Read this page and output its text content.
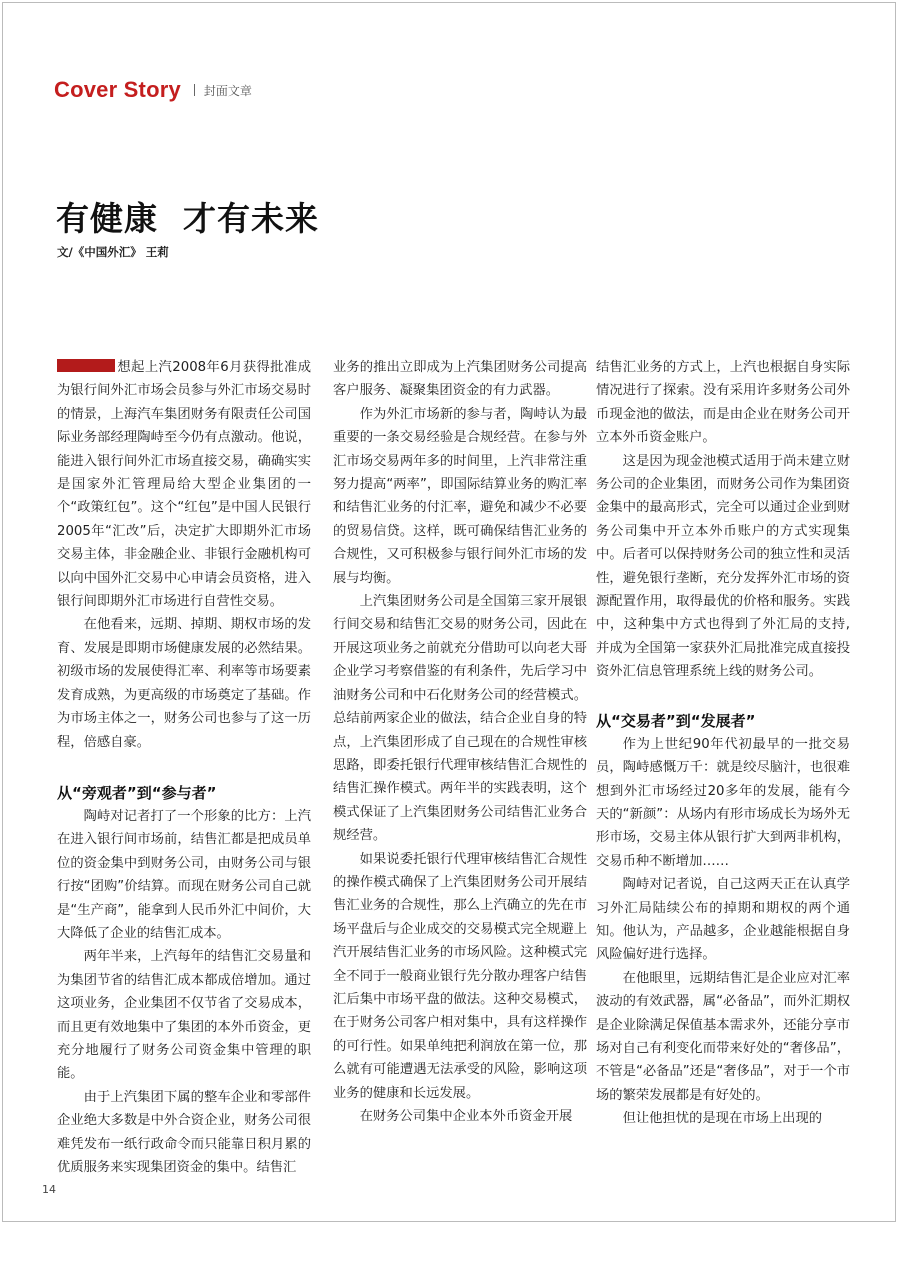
Cover Story 封面文章
有健康  才有未来
文/《中国外汇》 王莉

想起上汽2008年6月获得批准成为银行间外汇市场会员参与外汇市场交易时的情景，上海汽车集团财务有限责任公司国际业务部经理陶峙至今仍有点激动。他说，能进入银行间外汇市场直接交易，确确实实是国家外汇管理局给大型企业集团的一个“政策红包”。这个“红包”是中国人民银行2005年“汇改”后，决定扩大即期外汇市场交易主体，非金融企业、非银行金融机构可以向中国外汇交易中心申请会员资格，进入银行间即期外汇市场进行自营性交易。

在他看来，远期、掉期、期权市场的发育、发展是即期市场健康发展的必然结果。初级市场的发展使得汇率、利率等市场要素发育成熟，为更高级的市场奠定了基础。作为市场主体之一，财务公司也参与了这一历程，倍感自豪。

从“旁观者”到“参与者”

陶峙对记者打了一个形象的比方：上汽在进入银行间市场前，结售汇都是把成员单位的资金集中到财务公司，由财务公司与银行按“团购”价结算。而现在财务公司自己就是“生产商”，能拿到人民币外汇中间价，大大降低了企业的结售汇成本。

两年半来，上汽每年的结售汇交易量和为集团节省的结售汇成本都成倍增加。通过这项业务，企业集团不仅节省了交易成本，而且更有效地集中了集团的本外币资金，更充分地履行了财务公司资金集中管理的职能。

由于上汽集团下属的整车企业和零部件企业绝大多数是中外合资企业，财务公司很难凭发布一纸行政命令而只能靠日积月累的优质服务来实现集团资金的集中。结售汇

业务的推出立即成为上汽集团财务公司提高客户服务、凝聚集团资金的有力武器。

作为外汇市场新的参与者，陶峙认为最重要的一条交易经验是合规经营。在参与外汇市场交易两年多的时间里，上汽非常注重努力提高“两率”，即国际结算业务的购汇率和结售汇业务的付汇率，避免和减少不必要的贸易信贷。这样，既可确保结售汇业务的合规性，又可积极参与银行间外汇市场的发展与均衡。

上汽集团财务公司是全国第三家开展银行间交易和结售汇交易的财务公司，因此在开展这项业务之前就充分借助可以向老大哥企业学习考察借鉴的有利条件，先后学习中油财务公司和中石化财务公司的经营模式。总结前两家企业的做法，结合企业自身的特点，上汽集团形成了自己现在的合规性审核思路，即委托银行代理审核结售汇合规性的结售汇操作模式。两年半的实践表明，这个模式保证了上汽集团财务公司结售汇业务合规经营。

如果说委托银行代理审核结售汇合规性的操作模式确保了上汽集团财务公司开展结售汇业务的合规性，那么上汽确立的先在市场平盘后与企业成交的交易模式完全规避上汽开展结售汇业务的市场风险。这种模式完全不同于一般商业银行先分散办理客户结售汇后集中市场平盘的做法。这种交易模式，在于财务公司客户相对集中，具有这样操作的可行性。如果单纯把利润放在第一位，那么就有可能遭遇无法承受的风险，影响这项业务的健康和长远发展。

在财务公司集中企业本外币资金开展

结售汇业务的方式上，上汽也根据自身实际情况进行了探索。没有采用许多财务公司外币现金池的做法，而是由企业在财务公司开立本外币资金账户。

这是因为现金池模式适用于尚未建立财务公司的企业集团，而财务公司作为集团资金集中的最高形式，完全可以通过企业到财务公司集中开立本外币账户的方式实现集中。后者可以保持财务公司的独立性和灵活性，避免银行垄断，充分发挥外汇市场的资源配置作用，取得最优的价格和服务。实践中，这种集中方式也得到了外汇局的支持,并成为全国第一家获外汇局批准完成直接投资外汇信息管理系统上线的财务公司。

从“交易者”到“发展者”

作为上世纪90年代初最早的一批交易员，陶峙感慨万千：就是绞尽脑汁，也很难想到外汇市场经过20多年的发展，能有今天的“新颜”：从场内有形市场成长为场外无形市场，交易主体从银行扩大到两非机构，交易币种不断增加……

陶峙对记者说，自己这两天正在认真学习外汇局陆续公布的掉期和期权的两个通知。他认为，产品越多，企业越能根据自身风险偏好进行选择。

在他眼里，远期结售汇是企业应对汇率波动的有效武器，属“必备品”，而外汇期权是企业除满足保值基本需求外，还能分享市场对自己有利变化而带来好处的“奢侈品”，不管是“必备品”还是“奢侈品”，对于一个市场的繁荣发展都是有好处的。

但让他担忧的是现在市场上出现的

14
